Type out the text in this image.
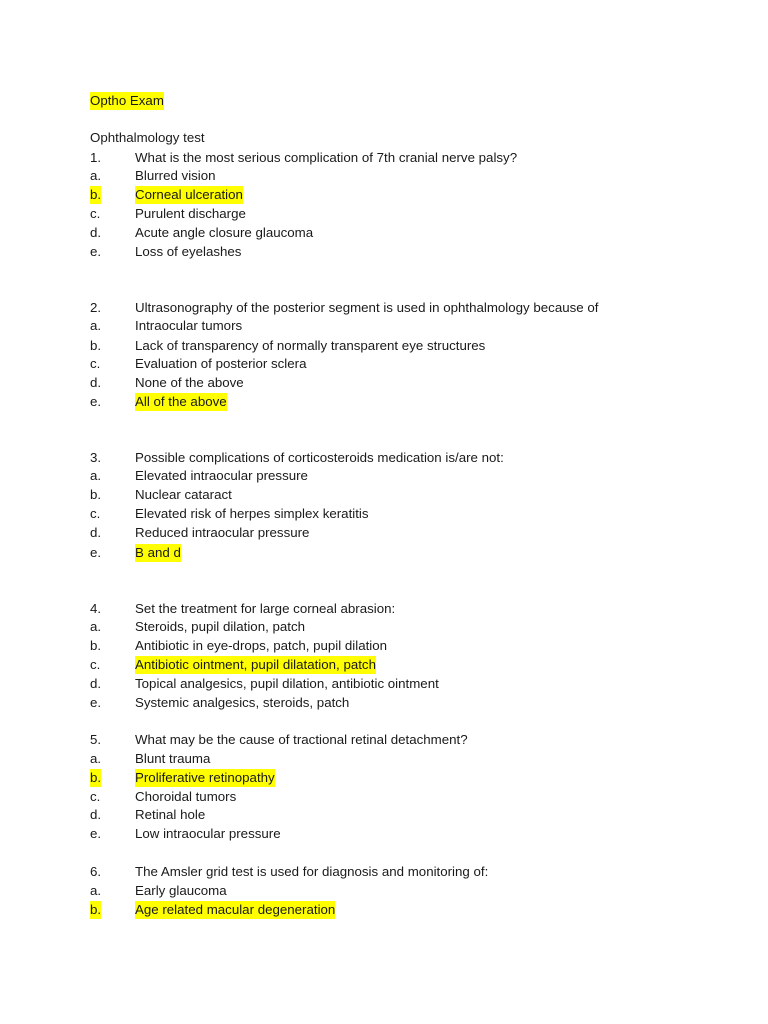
Optho Exam
Ophthalmology test
1.	What is the most serious complication of 7th cranial nerve palsy?
a.	Blurred vision
b.	Corneal ulceration
c.	Purulent discharge
d.	Acute angle closure glaucoma
e.	Loss of eyelashes
2.	Ultrasonography of the posterior segment is used in ophthalmology because of
a.	Intraocular tumors
b.	Lack of transparency of normally transparent eye structures
c.	Evaluation of posterior sclera
d.	None of the above
e.	All of the above
3.	Possible complications of corticosteroids medication is/are not:
a.	Elevated intraocular pressure
b.	Nuclear cataract
c.	Elevated risk of herpes simplex keratitis
d.	Reduced intraocular pressure
e.	B and d
4.	Set the treatment for large corneal abrasion:
a.	Steroids, pupil dilation, patch
b.	Antibiotic in eye-drops, patch, pupil dilation
c.	Antibiotic ointment, pupil dilatation, patch
d.	Topical analgesics, pupil dilation, antibiotic ointment
e.	Systemic analgesics, steroids, patch
5.	What may be the cause of tractional retinal detachment?
a.	Blunt trauma
b.	Proliferative retinopathy
c.	Choroidal tumors
d.	Retinal hole
e.	Low intraocular pressure
6.	The Amsler grid test is used for diagnosis and monitoring of:
a.	Early glaucoma
b.	Age related macular degeneration
